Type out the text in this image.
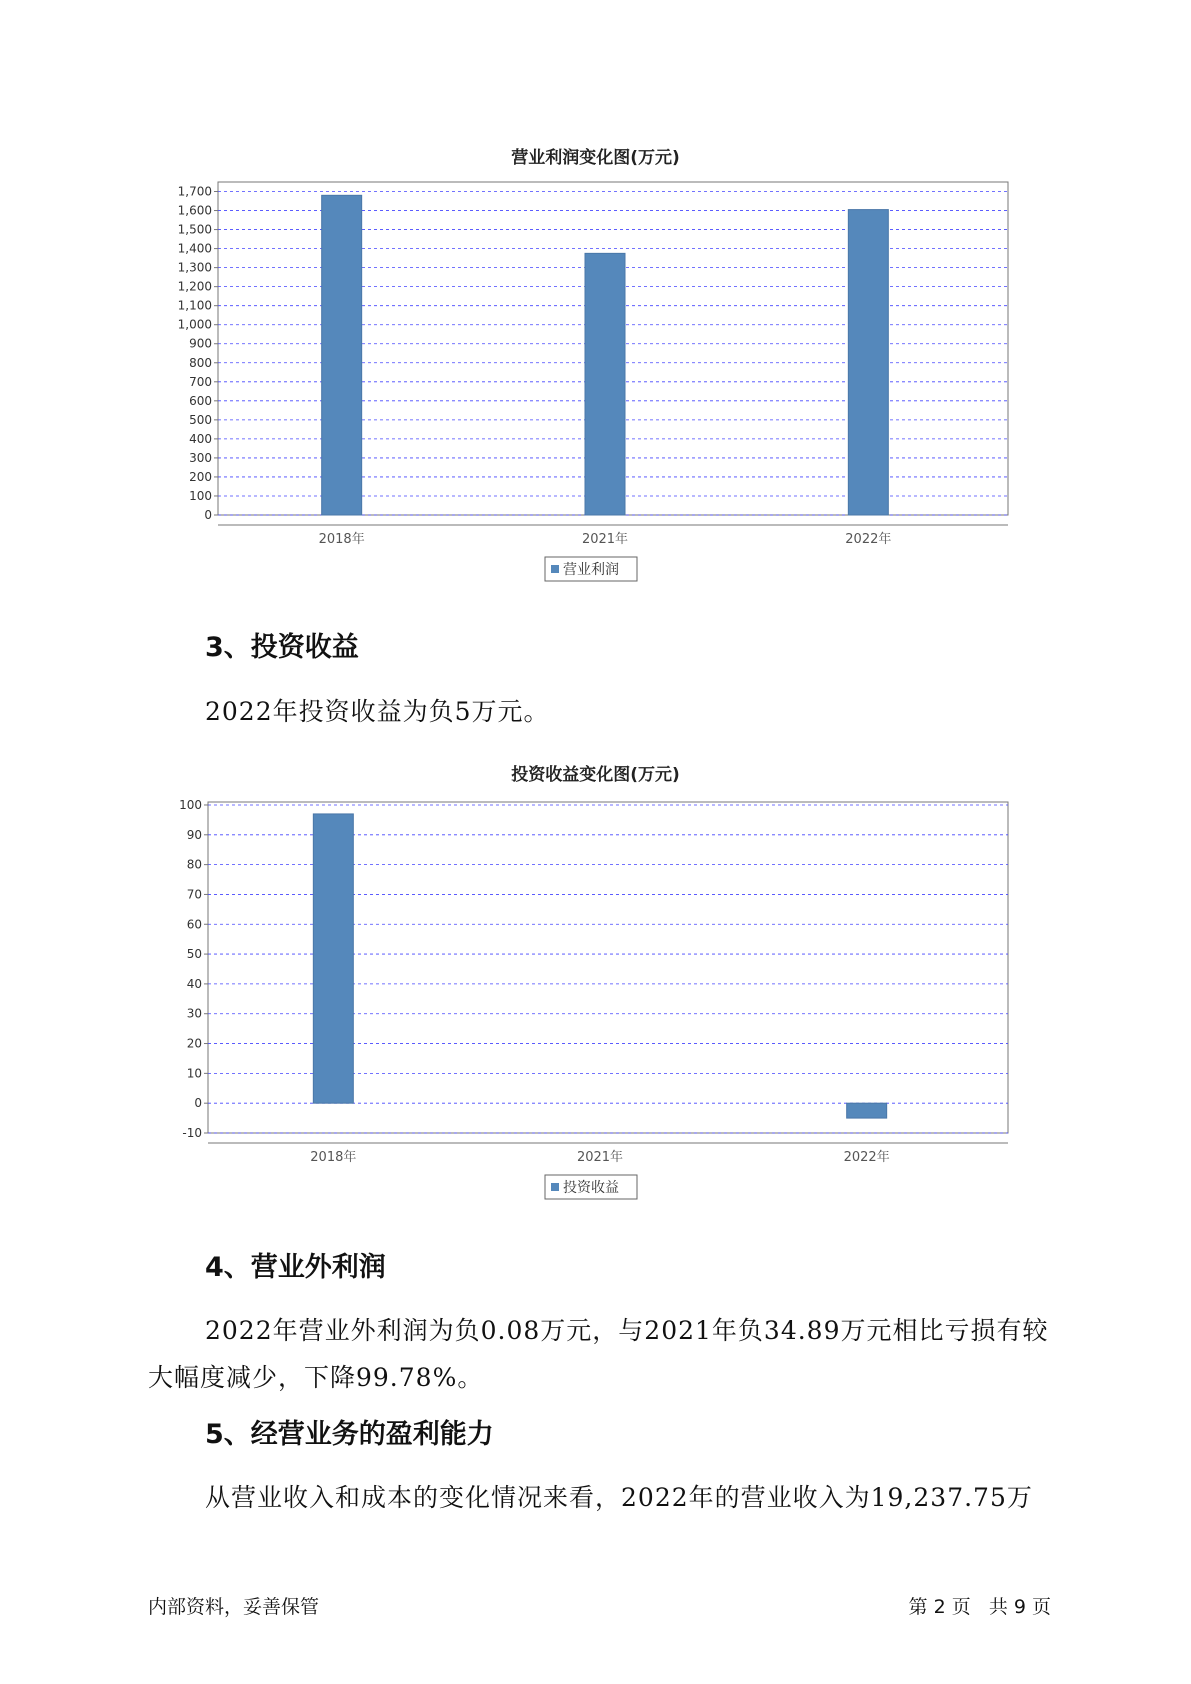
营业利润变化图(万元)
0
100
200
300
400
500
600
700
800
900
1,000
1,100
1,200
1,300
1,400
1,500
1,600
1,700
2018年	2021年	2022年
营业利润
3、投资收益
2022年投资收益为负5万元。
投资收益变化图(万元)
-10
0
10
20
30
40
50
60
70
80
90
100
2018年	2021年	2022年
投资收益
4、营业外利润
2022年营业外利润为负0.08万元，与2021年负34.89万元相比亏损有较
大幅度减少，下降99.78%。
5、经营业务的盈利能力
从营业收入和成本的变化情况来看，2022年的营业收入为19,237.75万
内部资料，妥善保管	第 2 页   共 9 页
